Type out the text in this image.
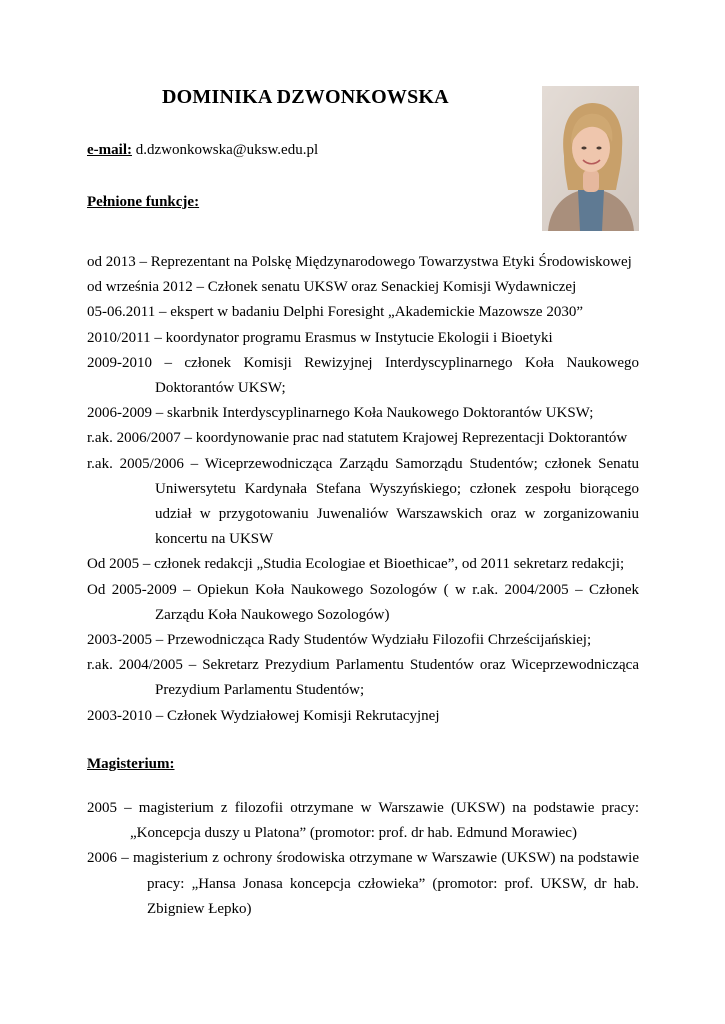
DOMINIKA DZWONKOWSKA
e-mail: d.dzwonkowska@uksw.edu.pl
Pełnione funkcje:
od 2013 – Reprezentant na Polskę Międzynarodowego Towarzystwa Etyki Środowiskowej
od września 2012 – Członek senatu UKSW oraz Senackiej Komisji Wydawniczej
05-06.2011 – ekspert w badaniu Delphi Foresight „Akademickie Mazowsze 2030”
2010/2011 – koordynator programu Erasmus w Instytucie Ekologii i Bioetyki
2009-2010 – członek Komisji Rewizyjnej Interdyscyplinarnego Koła Naukowego Doktorantów UKSW;
2006-2009 – skarbnik Interdyscyplinarnego Koła Naukowego Doktorantów UKSW;
r.ak. 2006/2007 – koordynowanie prac nad statutem Krajowej Reprezentacji Doktorantów
r.ak. 2005/2006 – Wiceprzewodnicząca Zarządu Samorządu Studentów; członek Senatu Uniwersytetu Kardynała Stefana Wyszyńskiego; członek zespołu biorącego udział w przygotowaniu Juwenaliów Warszawskich oraz w zorganizowaniu koncertu na UKSW
Od 2005 – członek redakcji „Studia Ecologiae et Bioethicae”, od 2011 sekretarz redakcji;
Od 2005-2009 – Opiekun Koła Naukowego Sozologów ( w r.ak. 2004/2005 – Członek Zarządu Koła Naukowego Sozologów)
2003-2005 – Przewodnicząca Rady Studentów Wydziału Filozofii Chrześcijańskiej;
r.ak. 2004/2005 – Sekretarz Prezydium Parlamentu Studentów oraz Wiceprzewodnicząca Prezydium Parlamentu Studentów;
2003-2010 – Członek Wydziałowej Komisji Rekrutacyjnej
Magisterium:
2005 – magisterium z filozofii otrzymane w Warszawie (UKSW) na podstawie pracy: „Koncepcja duszy u Platona” (promotor: prof. dr hab. Edmund Morawiec)
2006 – magisterium z ochrony środowiska otrzymane w Warszawie (UKSW) na podstawie pracy: „Hansa Jonasa koncepcja człowieka” (promotor: prof. UKSW, dr hab. Zbigniew Łepko)
